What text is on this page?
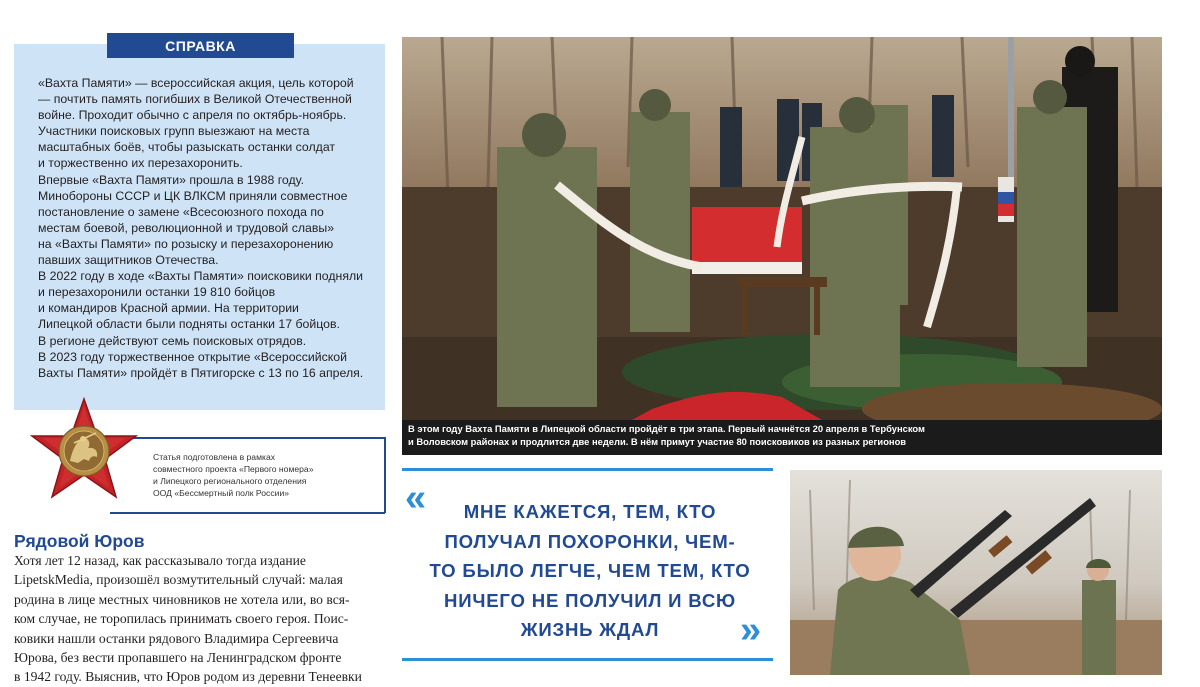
СПРАВКА
«Вахта Памяти» — всероссийская акция, цель которой
— почтить память погибших в Великой Отечественной
войне. Проходит обычно с апреля по октябрь-ноябрь.
Участники поисковых групп выезжают на места
масштабных боёв, чтобы разыскать останки солдат
и торжественно их перезахоронить.
Впервые «Вахта Памяти» прошла в 1988 году.
Минобороны СССР и ЦК ВЛКСМ приняли совместное
постановление о замене «Всесоюзного похода по
местам боевой, революционной и трудовой славы»
на «Вахты Памяти» по розыску и перезахоронению
павших защитников Отечества.
В 2022 году в ходе «Вахты Памяти» поисковики подняли
и перезахоронили останки 19 810 бойцов
и командиров Красной армии. На территории
Липецкой области были подняты останки 17 бойцов.
В регионе действуют семь поисковых отрядов.
В 2023 году торжественное открытие «Всероссийской
Вахты Памяти» пройдёт в Пятигорске с 13 по 16 апреля.
Статья подготовлена в рамках
совместного проекта «Первого номера»
и Липецкого регионального отделения
ООД «Бессмертный полк России»
Рядовой Юров
Хотя лет 12 назад, как рассказывало тогда издание
LipetskMedia, произошёл возмутительный случай: малая
родина в лице местных чиновников не хотела или, во вся-
ком случае, не торопилась принимать своего героя. Поис-
ковики нашли останки рядового Владимира Сергеевича
Юрова, без вести пропавшего на Ленинградском фронте
в 1942 году. Выяснив, что Юров родом из деревни Тенеевки
В этом году Вахта Памяти в Липецкой области пройдёт в три этапа. Первый начнётся 20 апреля в Тербунском
и Воловском районах и продлится две недели. В нём примут участие 80 поисковиков из разных регионов
«	МНЕ КАЖЕТСЯ, ТЕМ, КТО
ПОЛУЧАЛ ПОХОРОНКИ, ЧЕМ-
ТО БЫЛО ЛЕГЧЕ, ЧЕМ ТЕМ, КТО
НИЧЕГО НЕ ПОЛУЧИЛ И ВСЮ
ЖИЗНЬ ЖДАЛ	»
